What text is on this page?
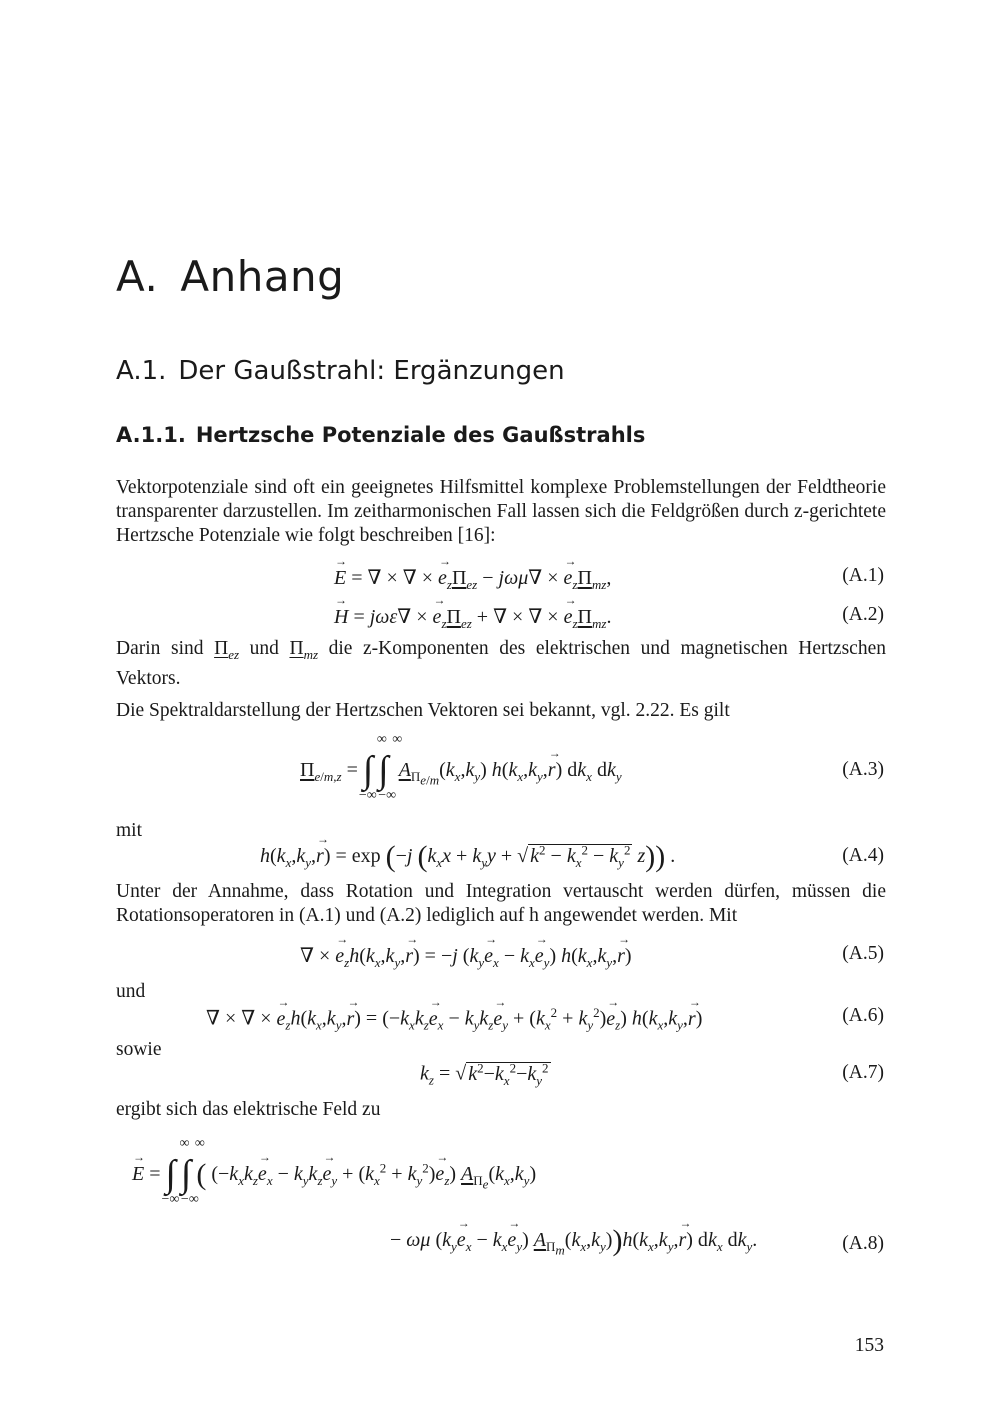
A. Anhang
A.1. Der Gaußstrahl: Ergänzungen
A.1.1. Hertzsche Potenziale des Gaußstrahls

Vektorpotenziale sind oft ein geeignetes Hilfsmittel komplexe Problemstellungen der Feldtheorie transparenter darzustellen. Im zeitharmonischen Fall lassen sich die Feldgrößen durch z-gerichtete Hertzsche Potenziale wie folgt beschreiben [16]:

→ E = ∇ × ∇ × → $e_z\Pi_{ez} - j\omega\mu\nabla$ × → $e_z\Pi_{mz}$,	(A.1)
→ H = jωε∇ × → $e_z\Pi_{ez}$ + ∇ × ∇ × → $e_z\Pi_{mz}$.	(A.2)

Darin sind $\Pi_{ez}$ und $\Pi_{mz}$ die z-Komponenten des elektrischen und magnetischen Hertzschen Vektors.

Die Spektraldarstellung der Hertzschen Vektoren sei bekannt, vgl. 2.22. Es gilt

$\Pi_{e/m,z}$ =
∞
∫
−∞

∞
∫
−∞
$A_{\Pi_{e/m}}(k_x,k_y)$ $h(k_x,k_y,\to r)$ $dk_x$ $dk_y$	(A.3)
mit
$h(k_x,k_y,\to r) = \exp (-j$ ($k_xx + k_yy$ + √ $k^2 - k_x^2 - k_y^2$ z)) .	(A.4)

Unter der Annahme, dass Rotation und Integration vertauscht werden dürfen, müssen die Rotationsoperatoren in (A.1) und (A.2) lediglich auf h angewendet werden. Mit

∇ × → $e_zh(k_x,k_y,\to r) = -j$ $(k_y\to e_x - k_x\to e_y)$ $h(k_x,k_y,\to r)$	(A.5)
und
∇ × ∇ × → $e_zh(k_x,k_y,\to r) = (-k_xk_z\to e_x - k_yk_z\to e_y + (k_x^2 + k_y^2)\to e_z)$ $h(k_x,k_y,\to r)$	(A.6)
sowie
$k_z$ = √ $k^2-k_x^2-k_y^2$	(A.7)
ergibt sich das elektrische Feld zu
→ E =
∞
∫
−∞

∞
∫
−∞
( $(-k_xk_z\to e_x - k_yk_z\to e_y + (k_x^2 + k_y^2)\to e_z)$ $A_{\Pi_e}(k_x,k_y)$
− ωμ $(k_y\to e_x - k_x\to e_y)$ $A_{\Pi_m}(k_x,k_y))h(k_x,k_y,\to r)$ $dk_x$ $dk_y$.	(A.8)
153
